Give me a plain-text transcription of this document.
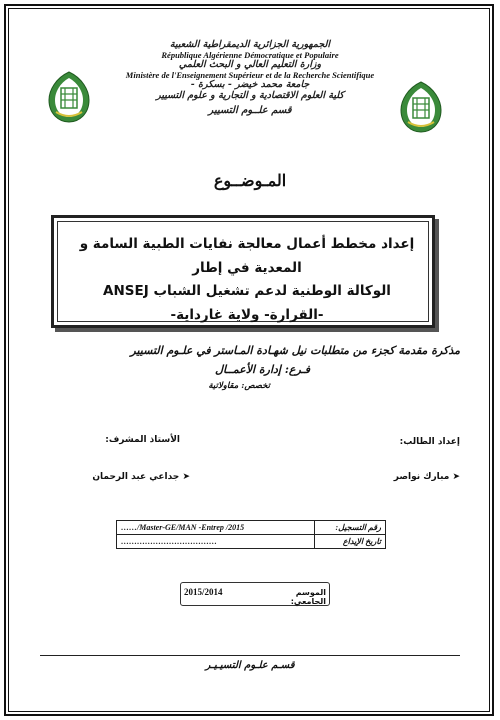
الجمهورية الجزائرية الديمقراطية الشعبية
République Algérienne Démocratique et Populaire
وزارة التعليم العالي و البحث العلمي
Ministère de l'Enseignement Supérieur et de la Recherche Scientifique
جامعة محمد خيضر - بسكرة -
كلية العلوم الاقتصادية و التجارية و علوم التسيير
قسم علــوم التسيير
المـوضــوع
إعداد مخطط أعمال معالجة نفايات الطبية السامة و المعدية في إطار
الوكالة الوطنية لدعم تشغيل الشباب ANSEJ
-القرارة- ولاية غارداية-
مذكرة مقدمة كجزء من متطلبات نيل شهـادة المـاستر في علـوم التسيير
فـرع: إدارة الأعمــال
تخصص: مقاولاتية
إعداد الطالب:
الأستاذ المشرف:
➤ مبارك نواصر
➤ جداعي عبد الرحمان
رقم التسجيل:	……/Master-GE/MAN -Entrep /2015
تاريخ الإيداع	………………………………
الموسم الجامعي:
2015/2014
قسـم علـوم التسيـيـر
